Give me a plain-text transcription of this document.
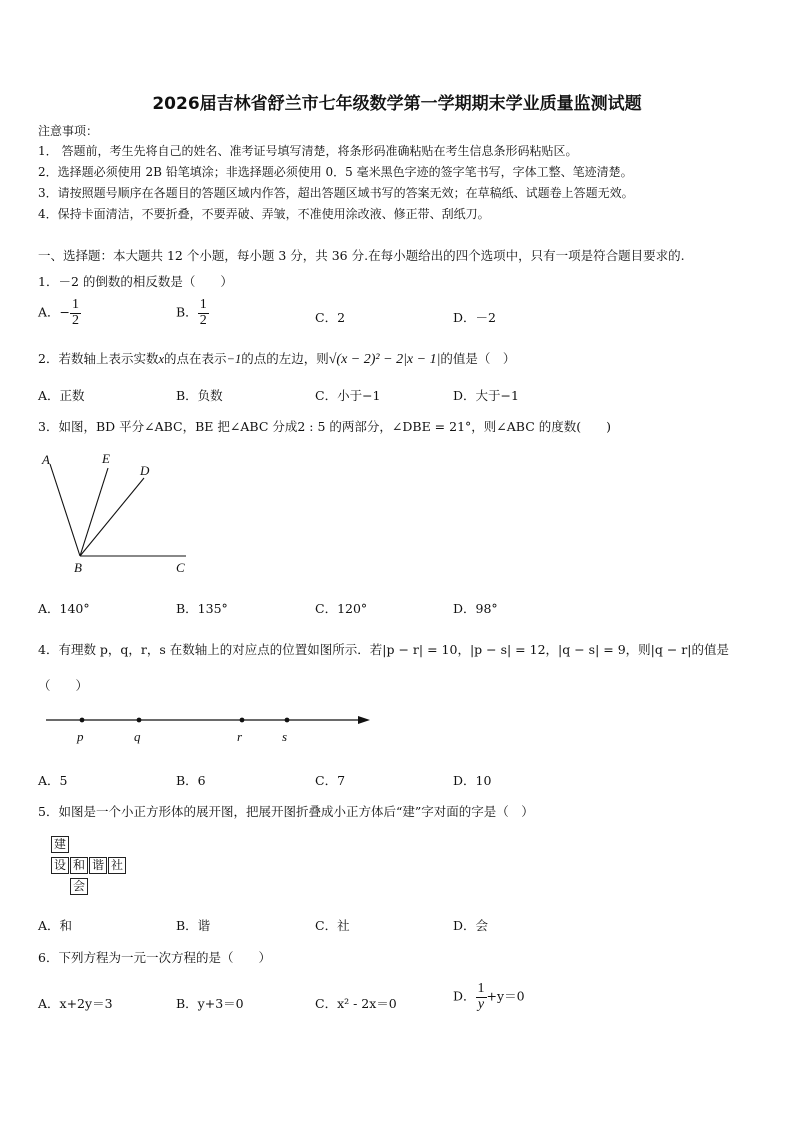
2026届吉林省舒兰市七年级数学第一学期期末学业质量监测试题
注意事项：
1． 答题前，考生先将自己的姓名、准考证号填写清楚，将条形码准确粘贴在考生信息条形码粘贴区。
2．选择题必须使用 2B 铅笔填涂；非选择题必须使用 0．5 毫米黑色字迹的签字笔书写，字体工整、笔迹清楚。
3．请按照题号顺序在各题目的答题区域内作答，超出答题区域书写的答案无效；在草稿纸、试题卷上答题无效。
4．保持卡面清洁，不要折叠，不要弄破、弄皱，不准使用涂改液、修正带、刮纸刀。
一、选择题：本大题共 12 个小题，每小题 3 分，共 36 分.在每小题给出的四个选项中，只有一项是符合题目要求的.
1．－2 的倒数的相反数是（　　）
A．− $\frac{1}{2}$	B． $\frac{1}{2}$	C．2	D．－2
2．若数轴上表示实数x的点在表示−1的点的左边，则√(x − 2)² − 2|x − 1|的值是（　）
A．正数	B．负数	C．小于−1	D．大于−1
3．如图，BD 平分∠ABC，BE 把∠ABC 分成2 : 5 的两部分，∠DBE = 21°，则∠ABC 的度数(　　)
A	E
D
B	C
A．140°	B．135°	C．120°	D．98°
4．有理数 p，q，r，s 在数轴上的对应点的位置如图所示．若|p − r| = 10，|p − s| = 12，|q − s| = 9，则|q − r|的值是
（　　）
p	q	r	s
A．5	B．6	C．7	D．10
5．如图是一个小正方形体的展开图，把展开图折叠成小正方体后“建”字对面的字是（　）
建
设 和 谐 社
会
A．和	B．谐	C．社	D．会
6．下列方程为一元一次方程的是（　　）
A．x+2y＝3	B．y+3＝0	C．x² - 2x＝0	D． $\frac{1}{y} +y=0$
